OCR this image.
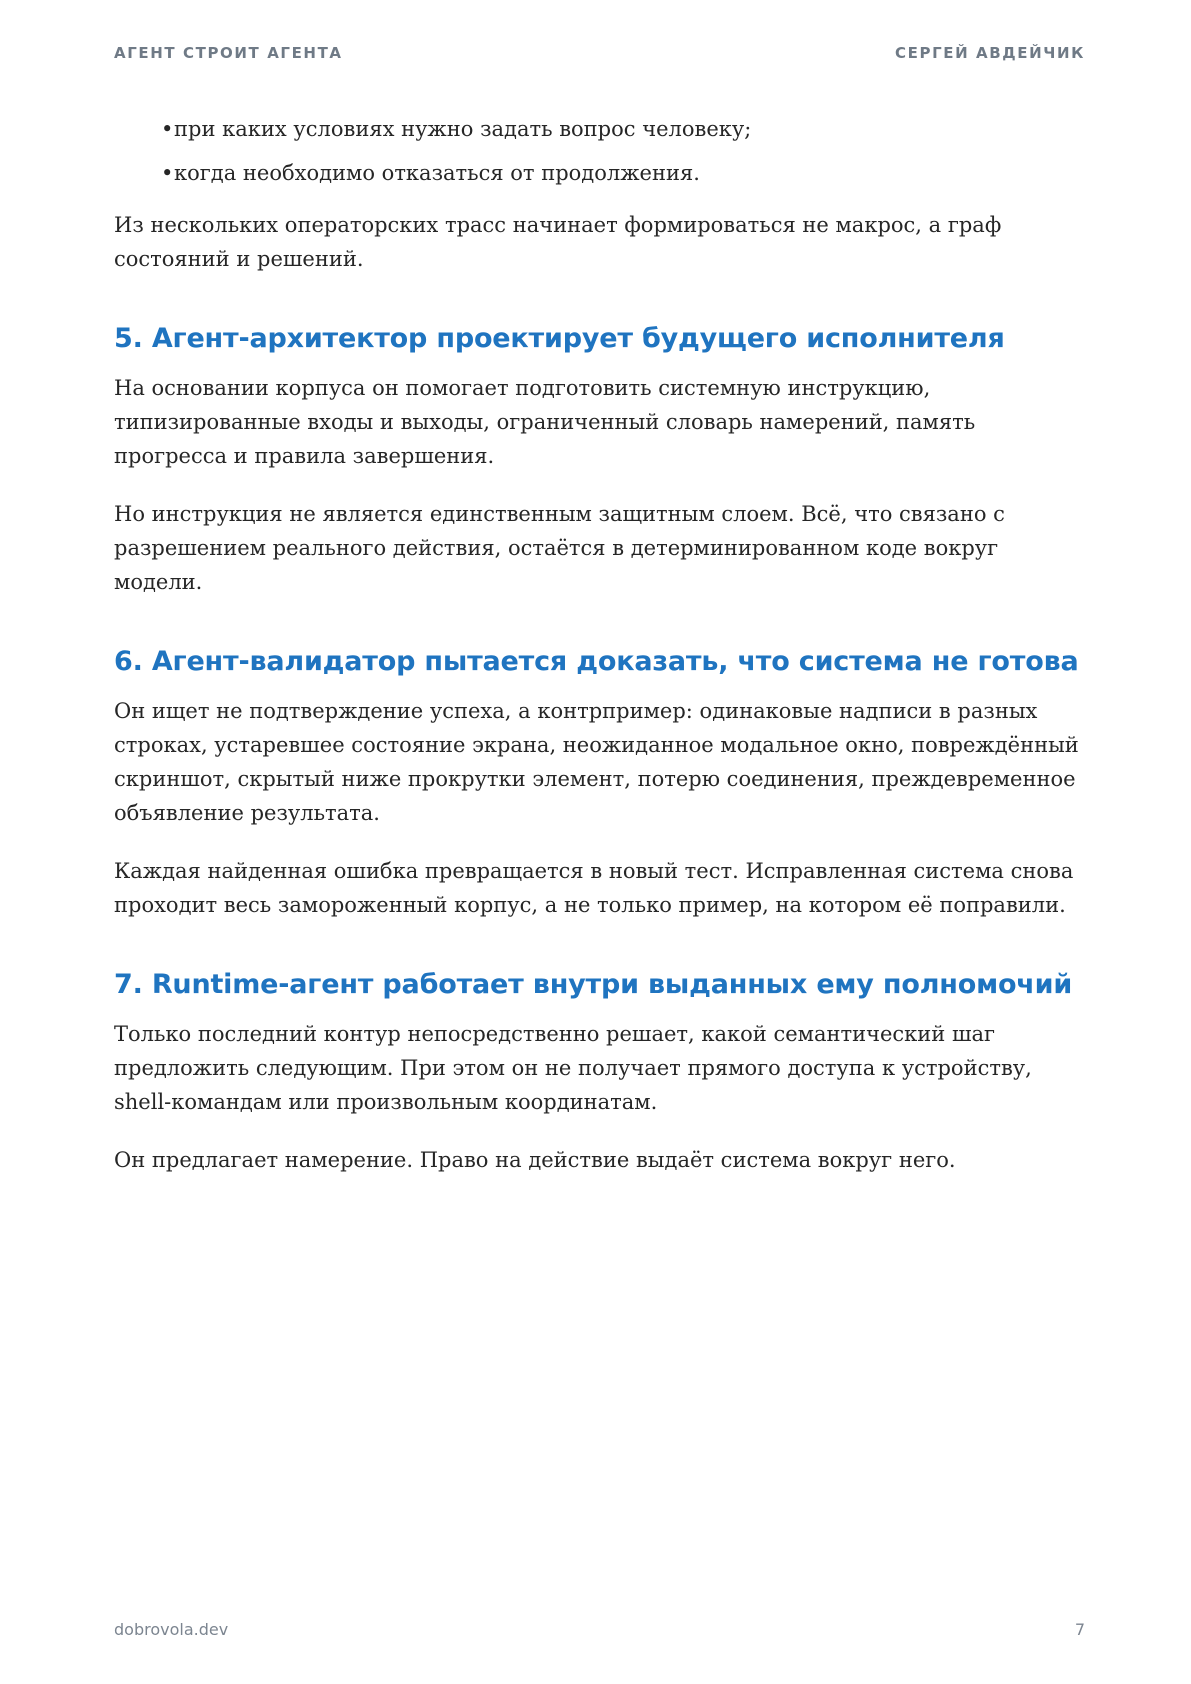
АГЕНТ СТРОИТ АГЕНТА	СЕРГЕЙ АВДЕЙЧИК
•при каких условиях нужно задать вопрос человеку;
•когда необходимо отказаться от продолжения.

Из нескольких операторских трасс начинает формироваться не макрос, а граф состояний и решений.

5. Агент-архитектор проектирует будущего исполнителя

На основании корпуса он помогает подготовить системную инструкцию, типизированные входы и выходы, ограниченный словарь намерений, память прогресса и правила завершения.

Но инструкция не является единственным защитным слоем. Всё, что связано с разрешением реального действия, остаётся в детерминированном коде вокруг модели.

6. Агент-валидатор пытается доказать, что система не готова

Он ищет не подтверждение успеха, а контрпример: одинаковые надписи в разных строках, устаревшее состояние экрана, неожиданное модальное окно, повреждённый скриншот, скрытый ниже прокрутки элемент, потерю соединения, преждевременное объявление результата.

Каждая найденная ошибка превращается в новый тест. Исправленная система снова проходит весь замороженный корпус, а не только пример, на котором её поправили.

7. Runtime-агент работает внутри выданных ему полномочий

Только последний контур непосредственно решает, какой семантический шаг предложить следующим. При этом он не получает прямого доступа к устройству, shell-командам или произвольным координатам.

Он предлагает намерение. Право на действие выдаёт система вокруг него.

dobrovola.dev	7
